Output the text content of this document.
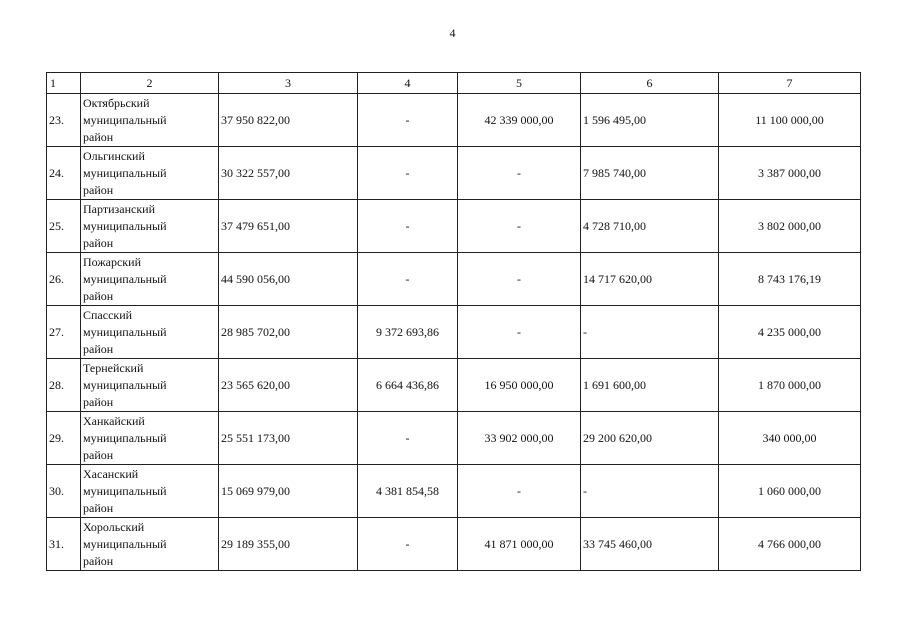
4
1	2	3	4	5	6	7
23.	Октябрьский
муниципальный
район	37 950 822,00	-	42 339 000,00	1 596 495,00	11 100 000,00
24.	Ольгинский
муниципальный
район	30 322 557,00	-	-	7 985 740,00	3 387 000,00
25.	Партизанский
муниципальный
район	37 479 651,00	-	-	4 728 710,00	3 802 000,00
26.	Пожарский
муниципальный
район	44 590 056,00	-	-	14 717 620,00	8 743 176,19
27.	Спасский
муниципальный
район	28 985 702,00	9 372 693,86	-	-	4 235 000,00
28.	Тернейский
муниципальный
район	23 565 620,00	6 664 436,86	16 950 000,00	1 691 600,00	1 870 000,00
29.	Ханкайский
муниципальный
район	25 551 173,00	-	33 902 000,00	29 200 620,00	340 000,00
30.	Хасанский
муниципальный
район	15 069 979,00	4 381 854,58	-	-	1 060 000,00
31.	Хорольский
муниципальный
район	29 189 355,00	-	41 871 000,00	33 745 460,00	4 766 000,00
